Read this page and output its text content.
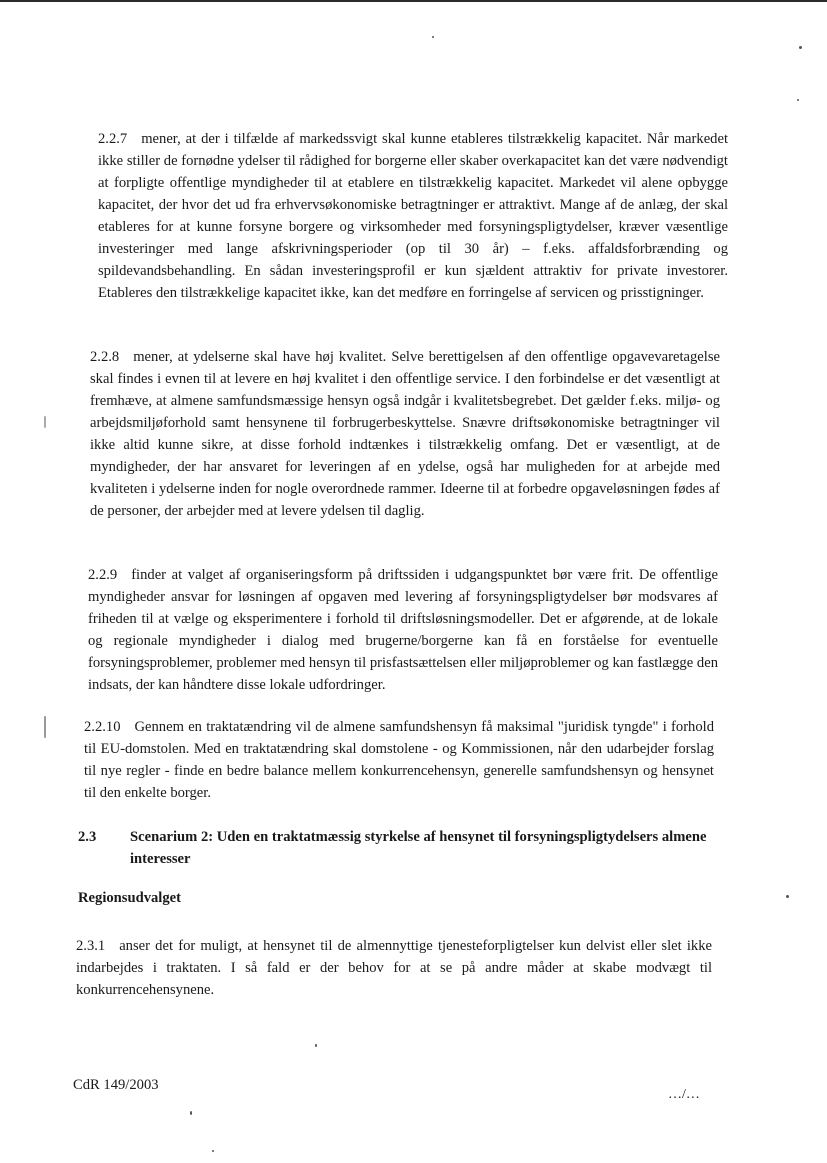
2.2.7 mener, at der i tilfælde af markedssvigt skal kunne etableres tilstrækkelig kapacitet. Når markedet ikke stiller de fornødne ydelser til rådighed for borgerne eller skaber overkapacitet kan det være nødvendigt at forpligte offentlige myndigheder til at etablere en tilstrækkelig kapacitet. Markedet vil alene opbygge kapacitet, der hvor det ud fra erhvervsøkonomiske betragtninger er attraktivt. Mange af de anlæg, der skal etableres for at kunne forsyne borgere og virksomheder med forsyningspligtydelser, kræver væsentlige investeringer med lange afskrivningsperioder (op til 30 år) – f.eks. affaldsforbrænding og spildevandsbehandling. En sådan investeringsprofil er kun sjældent attraktiv for private investorer. Etableres den tilstrækkelige kapacitet ikke, kan det medføre en forringelse af servicen og prisstigninger.

2.2.8 mener, at ydelserne skal have høj kvalitet. Selve berettigelsen af den offentlige opgavevaretagelse skal findes i evnen til at levere en høj kvalitet i den offentlige service. I den forbindelse er det væsentligt at fremhæve, at almene samfundsmæssige hensyn også indgår i kvalitetsbegrebet. Det gælder f.eks. miljø- og arbejdsmiljøforhold samt hensynene til forbrugerbeskyttelse. Snævre driftsøkonomiske betragtninger vil ikke altid kunne sikre, at disse forhold indtænkes i tilstrækkelig omfang. Det er væsentligt, at de myndigheder, der har ansvaret for leveringen af en ydelse, også har muligheden for at arbejde med kvaliteten i ydelserne inden for nogle overordnede rammer. Ideerne til at forbedre opgaveløsningen fødes af de personer, der arbejder med at levere ydelsen til daglig.

2.2.9 finder at valget af organiseringsform på driftssiden i udgangspunktet bør være frit. De offentlige myndigheder ansvar for løsningen af opgaven med levering af forsyningspligtydelser bør modsvares af friheden til at vælge og eksperimentere i forhold til driftsløsningsmodeller. Det er afgørende, at de lokale og regionale myndigheder i dialog med brugerne/borgerne kan få en forståelse for eventuelle forsyningsproblemer, problemer med hensyn til prisfastsættelsen eller miljøproblemer og kan fastlægge den indsats, der kan håndtere disse lokale udfordringer.

2.2.10 Gennem en traktatændring vil de almene samfundshensyn få maksimal "juridisk tyngde" i forhold til EU-domstolen. Med en traktatændring skal domstolene - og Kommissionen, når den udarbejder forslag til nye regler - finde en bedre balance mellem konkurrencehensyn, generelle samfundshensyn og hensynet til den enkelte borger.

2.3 Scenarium 2: Uden en traktatmæssig styrkelse af hensynet til forsyningspligtydelsers almene interesser
Regionsudvalget

2.3.1 anser det for muligt, at hensynet til de almennyttige tjenesteforpligtelser kun delvist eller slet ikke indarbejdes i traktaten. I så fald er der behov for at se på andre måder at skabe modvægt til konkurrencehensynene.

CdR 149/2003
…/…
